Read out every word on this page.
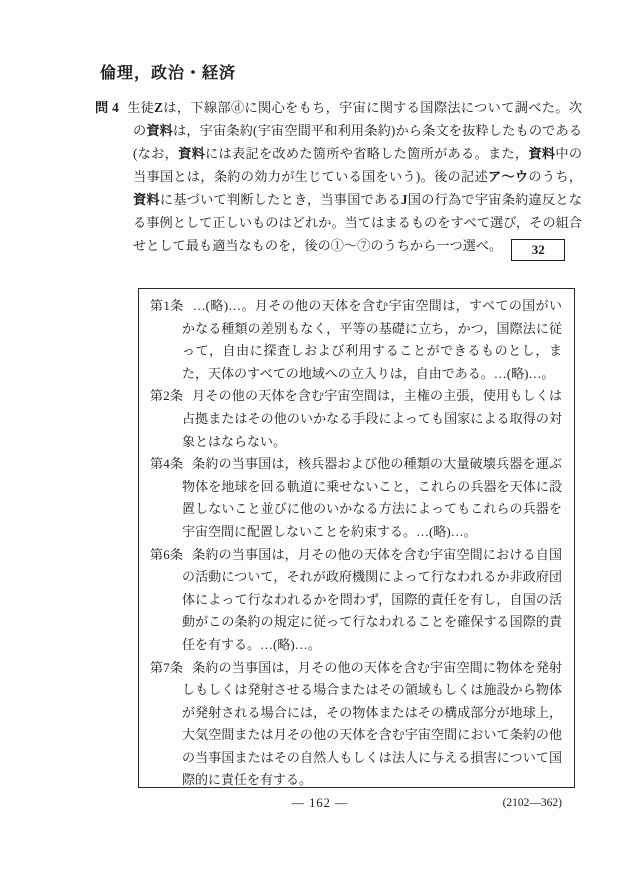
倫理，政治・経済
問 4 生徒Zは，下線部ⓓに関心をもち，宇宙に関する国際法について調べた。次の資料は，宇宙条約(宇宙空間平和利用条約)から条文を抜粋したものである(なお，資料には表記を改めた箇所や省略した箇所がある。また，資料中の当事国とは，条約の効力が生じている国をいう)。後の記述ア～ウのうち，資料に基づいて判断したとき，当事国であるJ国の行為で宇宙条約違反となる事例として正しいものはどれか。当てはまるものをすべて選び，その組合せとして最も適当なものを，後の①～⑦のうちから一つ選べ。 32
第1条 …(略)…。月その他の天体を含む宇宙空間は，すべての国がいかなる種類の差別もなく，平等の基礎に立ち，かつ，国際法に従って，自由に探査しおよび利用することができるものとし，また，天体のすべての地域への立入りは，自由である。…(略)…。
第2条 月その他の天体を含む宇宙空間は，主権の主張，使用もしくは占拠またはその他のいかなる手段によっても国家による取得の対象とはならない。
第4条 条約の当事国は，核兵器および他の種類の大量破壊兵器を運ぶ物体を地球を回る軌道に乗せないこと，これらの兵器を天体に設置しないこと並びに他のいかなる方法によってもこれらの兵器を宇宙空間に配置しないことを約束する。…(略)…。
第6条 条約の当事国は，月その他の天体を含む宇宙空間における自国の活動について，それが政府機関によって行なわれるか非政府団体によって行なわれるかを問わず，国際的責任を有し，自国の活動がこの条約の規定に従って行なわれることを確保する国際的責任を有する。…(略)…。
第7条 条約の当事国は，月その他の天体を含む宇宙空間に物体を発射しもしくは発射させる場合またはその領域もしくは施設から物体が発射される場合には，その物体またはその構成部分が地球上，大気空間または月その他の天体を含む宇宙空間において条約の他の当事国またはその自然人もしくは法人に与える損害について国際的に責任を有する。
— 162 —	(2102—362)
